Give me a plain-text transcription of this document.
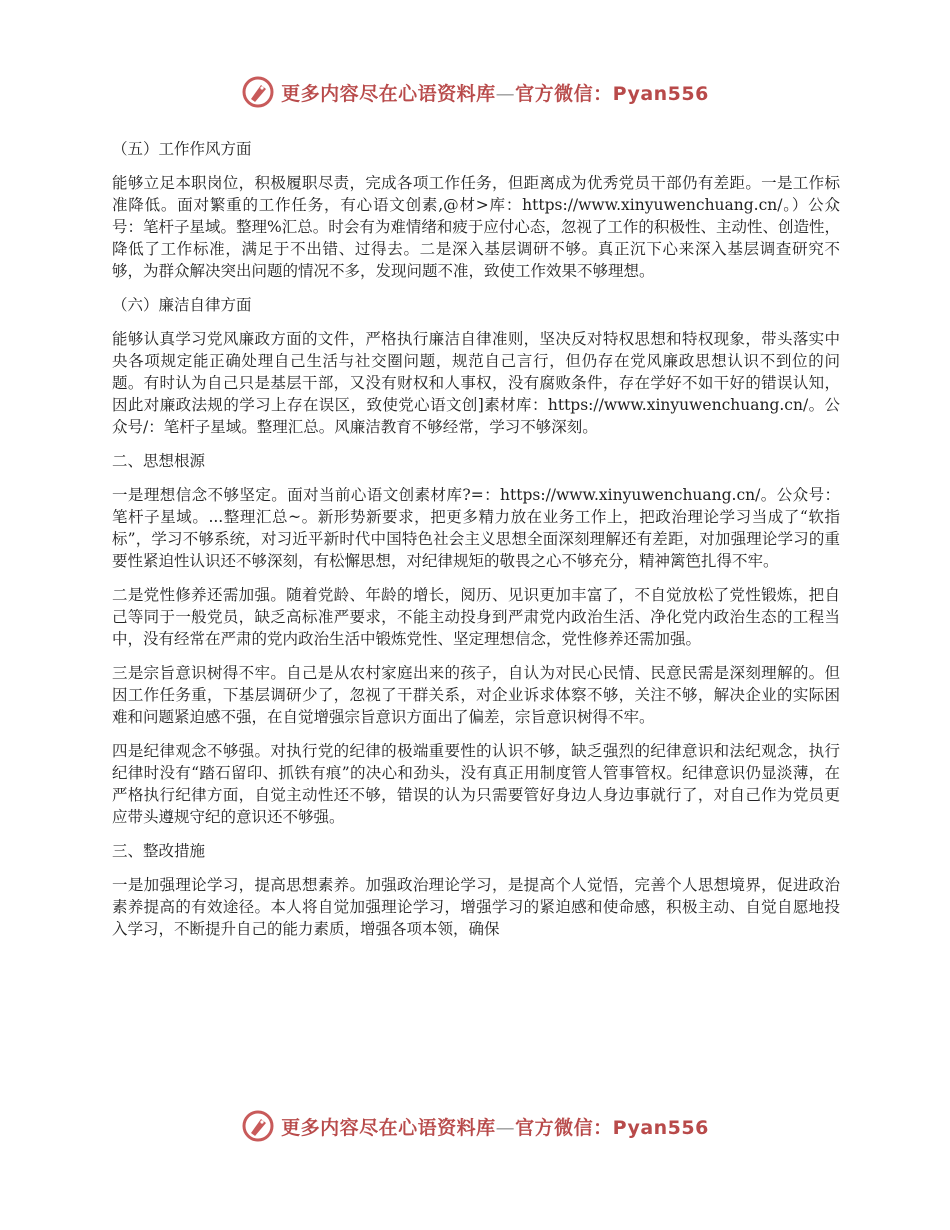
更多内容尽在心语资料库—官方微信：Pyan556
（五）工作作风方面
能够立足本职岗位，积极履职尽责，完成各项工作任务，但距离成为优秀党员干部仍有差距。一是工作标准降低。面对繁重的工作任务，有心语文创素,@材>库：https://www.xinyuwenchuang.cn/。）公众号：笔杆子星域。整理%汇总。时会有为难情绪和疲于应付心态，忽视了工作的积极性、主动性、创造性，降低了工作标准，满足于不出错、过得去。二是深入基层调研不够。真正沉下心来深入基层调查研究不够，为群众解决突出问题的情况不多，发现问题不准，致使工作效果不够理想。
（六）廉洁自律方面
能够认真学习党风廉政方面的文件，严格执行廉洁自律准则，坚决反对特权思想和特权现象，带头落实中央各项规定能正确处理自己生活与社交圈问题，规范自己言行，但仍存在党风廉政思想认识不到位的问题。有时认为自己只是基层干部，又没有财权和人事权，没有腐败条件，存在学好不如干好的错误认知，因此对廉政法规的学习上存在误区，致使党心语文创]素材库：https://www.xinyuwenchuang.cn/。公众号/：笔杆子星域。整理汇总。风廉洁教育不够经常，学习不够深刻。
二、思想根源
一是理想信念不够坚定。面对当前心语文创素材库?=：https://www.xinyuwenchuang.cn/。公众号：笔杆子星域。...整理汇总~。新形势新要求，把更多精力放在业务工作上，把政治理论学习当成了“软指标”，学习不够系统，对习近平新时代中国特色社会主义思想全面深刻理解还有差距，对加强理论学习的重要性紧迫性认识还不够深刻，有松懈思想，对纪律规矩的敬畏之心不够充分，精神篱笆扎得不牢。
二是党性修养还需加强。随着党龄、年龄的增长，阅历、见识更加丰富了，不自觉放松了党性锻炼，把自己等同于一般党员，缺乏高标准严要求，不能主动投身到严肃党内政治生活、净化党内政治生态的工程当中，没有经常在严肃的党内政治生活中锻炼党性、坚定理想信念，党性修养还需加强。
三是宗旨意识树得不牢。自己是从农村家庭出来的孩子，自认为对民心民情、民意民需是深刻理解的。但因工作任务重，下基层调研少了，忽视了干群关系，对企业诉求体察不够，关注不够，解决企业的实际困难和问题紧迫感不强，在自觉增强宗旨意识方面出了偏差，宗旨意识树得不牢。
四是纪律观念不够强。对执行党的纪律的极端重要性的认识不够，缺乏强烈的纪律意识和法纪观念，执行纪律时没有“踏石留印、抓铁有痕”的决心和劲头，没有真正用制度管人管事管权。纪律意识仍显淡薄，在严格执行纪律方面，自觉主动性还不够，错误的认为只需要管好身边人身边事就行了，对自己作为党员更应带头遵规守纪的意识还不够强。
三、整改措施
一是加强理论学习，提高思想素养。加强政治理论学习，是提高个人觉悟，完善个人思想境界，促进政治素养提高的有效途径。本人将自觉加强理论学习，增强学习的紧迫感和使命感，积极主动、自觉自愿地投入学习，不断提升自己的能力素质，增强各项本领，确保
更多内容尽在心语资料库—官方微信：Pyan556
